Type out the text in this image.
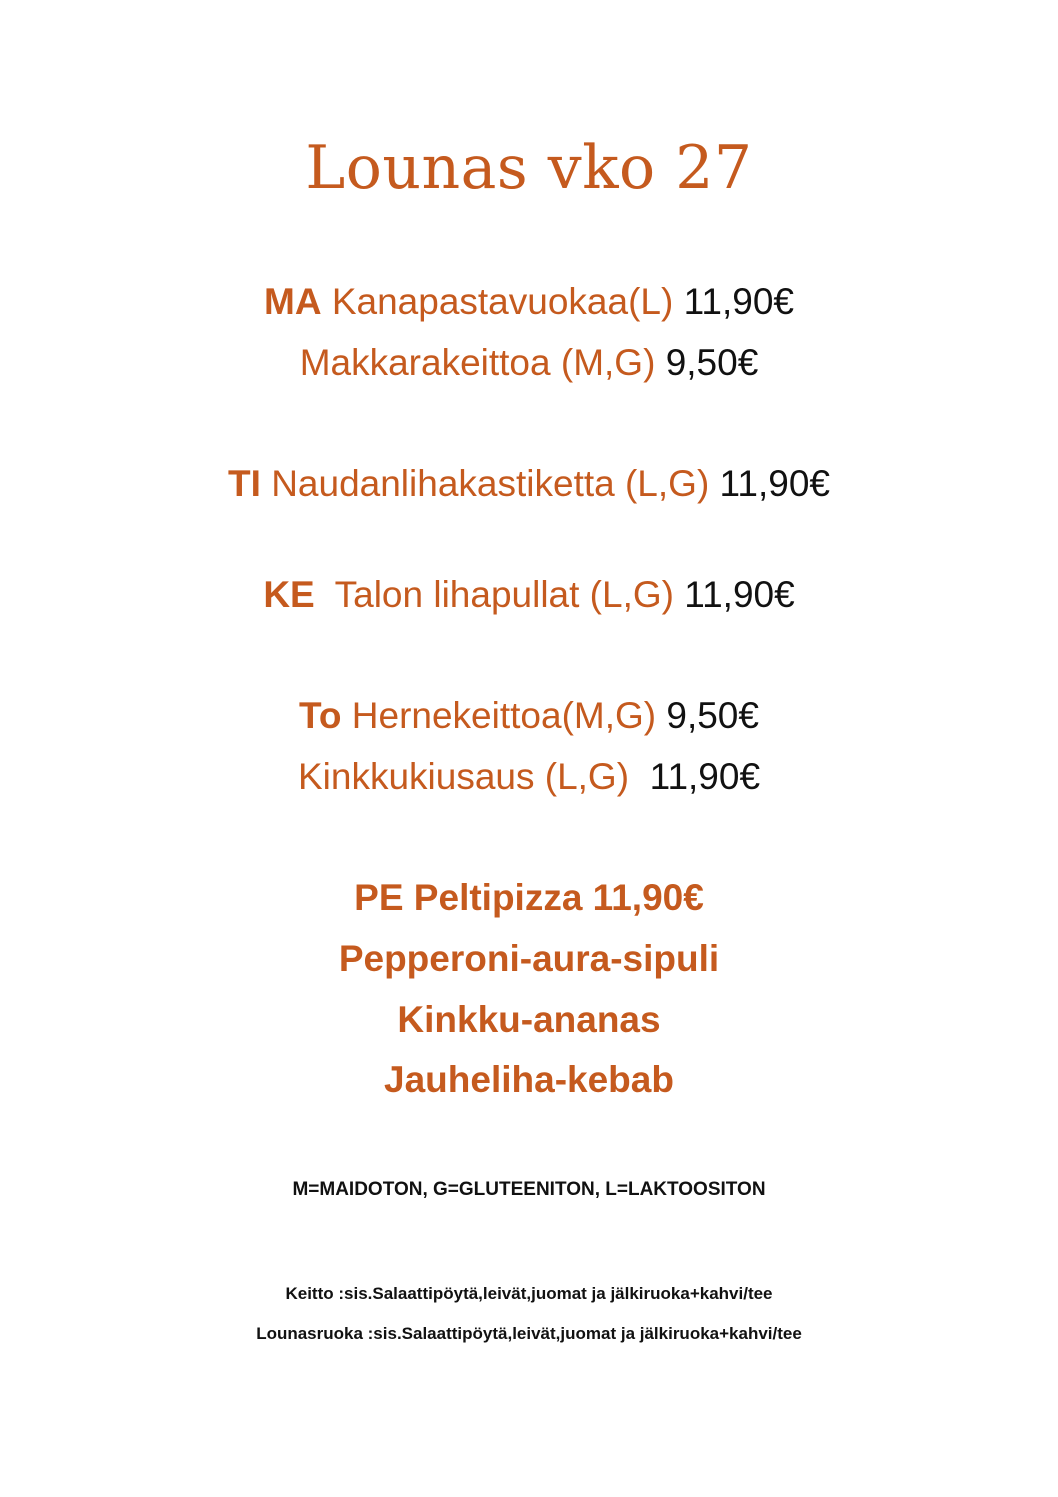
Lounas vko 27
MA Kanapastavuokaa(L) 11,90€
Makkarakeittoa (M,G) 9,50€
TI Naudanlihakastiketta (L,G) 11,90€
KE Talon lihapullat (L,G) 11,90€
To Hernekeittoa(M,G) 9,50€
Kinkkukiusaus (L,G) 11,90€
PE Peltipizza 11,90€
Pepperoni-aura-sipuli
Kinkku-ananas
Jauheliha-kebab
M=MAIDOTON, G=GLUTEENITON, L=LAKTOOSITON
Keitto :sis.Salaattipöytä,leivät,juomat ja jälkiruoka+kahvi/tee
Lounasruoka :sis.Salaattipöytä,leivät,juomat ja jälkiruoka+kahvi/tee
